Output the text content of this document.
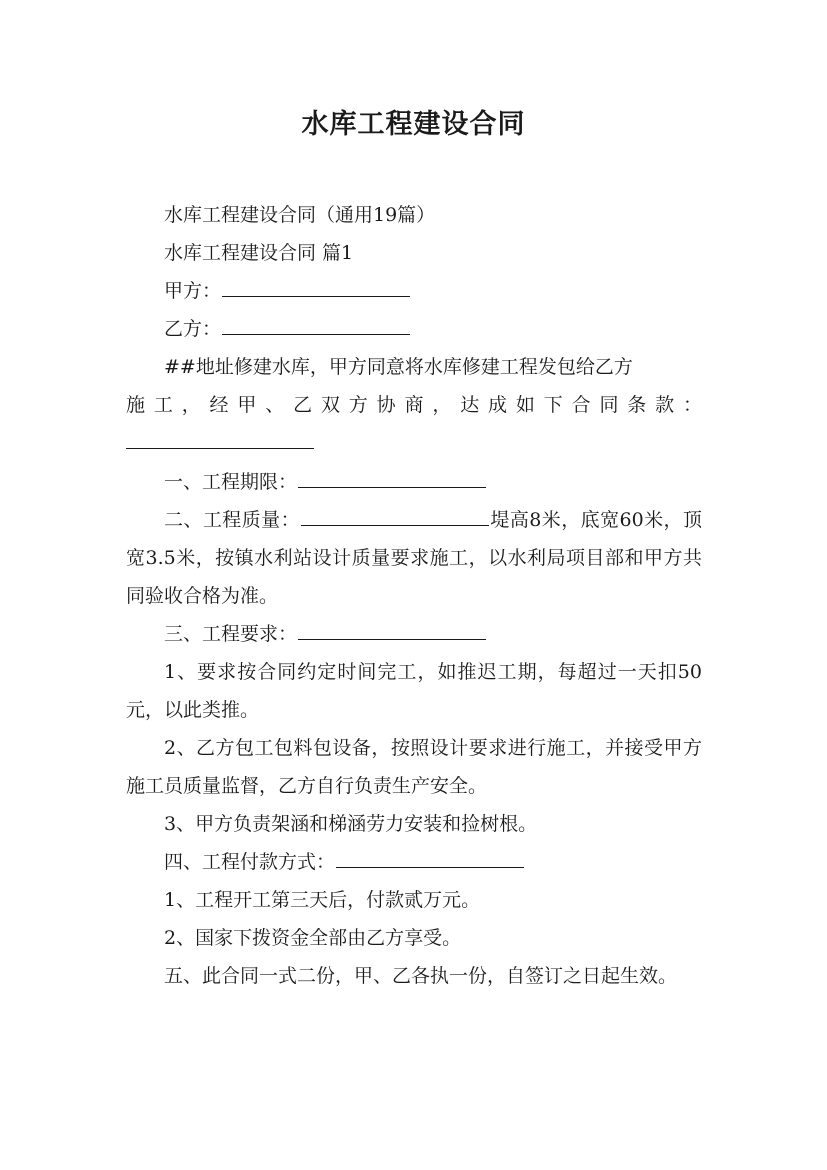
水库工程建设合同

水库工程建设合同（通用19篇）

水库工程建设合同 篇1

甲方：

乙方：

##地址修建水库，甲方同意将水库修建工程发包给乙方

施工，经甲、乙双方协商，达成如下合同条款：

一、工程期限：

二、工程质量：	堤高8米，底宽60米，顶宽3.5米，按镇水利站设计质量要求施工，以水利局项目部和甲方共同验收合格为准。

三、工程要求：

1、要求按合同约定时间完工，如推迟工期，每超过一天扣50元，以此类推。

2、乙方包工包料包设备，按照设计要求进行施工，并接受甲方施工员质量监督，乙方自行负责生产安全。

3、甲方负责架涵和梯涵劳力安装和捡树根。

四、工程付款方式：

1、工程开工第三天后，付款贰万元。

2、国家下拨资金全部由乙方享受。

五、此合同一式二份，甲、乙各执一份，自签订之日起生效。
